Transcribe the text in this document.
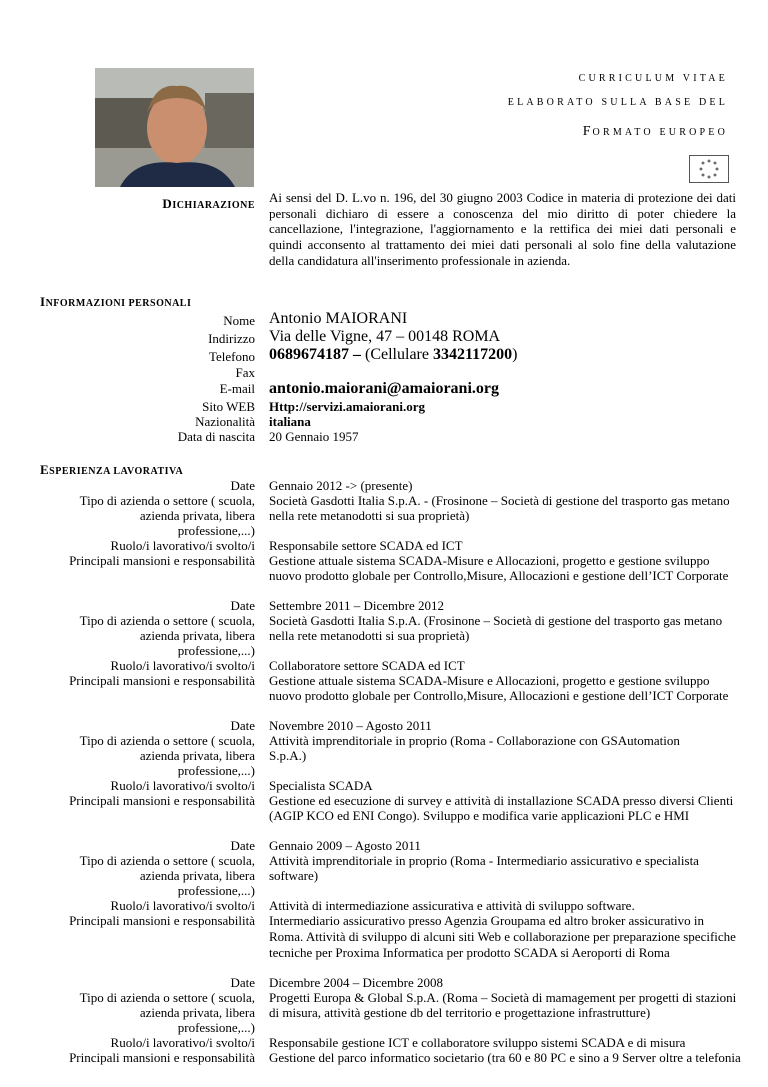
CURRICULUM VITAE
ELABORATO SULLA BASE DEL
FORMATO EUROPEO
DICHIARAZIONE
Ai sensi del D. L.vo n. 196, del 30 giugno 2003 Codice in materia di protezione dei dati personali dichiaro di essere a conoscenza del mio diritto di poter chiedere la cancellazione, l'integrazione, l'aggiornamento e la rettifica dei miei dati personali e quindi acconsento al trattamento dei miei dati personali al solo fine della valutazione della candidatura all'inserimento professionale in azienda.
INFORMAZIONI PERSONALI
Nome Antonio MAIORANI
Indirizzo Via delle Vigne, 47 – 00148 ROMA
Telefono 0689674187 – (Cellulare 3342117200)
Fax
E-mail antonio.maiorani@amaiorani.org
Sito WEB Http://servizi.amaiorani.org
Nazionalità italiana
Data di nascita 20 Gennaio 1957
ESPERIENZA LAVORATIVA
Date Gennaio 2012 -> (presente)
Tipo di azienda o settore ( scuola,
azienda privata, libera
professione,...)
Società Gasdotti Italia S.p.A. - (Frosinone – Società di gestione del trasporto gas metano
nella rete metanodotti si sua proprietà)
Ruolo/i lavorativo/i svolto/i Responsabile settore SCADA ed ICT
Principali mansioni e responsabilità Gestione attuale sistema SCADA-Misure e Allocazioni, progetto e gestione sviluppo
nuovo prodotto globale per Controllo,Misure, Allocazioni e gestione dell’ICT Corporate
Date Settembre 2011 – Dicembre 2012
Tipo di azienda o settore ( scuola,
azienda privata, libera
professione,...)
Società Gasdotti Italia S.p.A. (Frosinone – Società di gestione del trasporto gas metano
nella rete metanodotti si sua proprietà)
Ruolo/i lavorativo/i svolto/i Collaboratore settore SCADA ed ICT
Principali mansioni e responsabilità Gestione attuale sistema SCADA-Misure e Allocazioni, progetto e gestione sviluppo
nuovo prodotto globale per Controllo,Misure, Allocazioni e gestione dell’ICT Corporate
Date Novembre 2010 – Agosto 2011
Tipo di azienda o settore ( scuola,
azienda privata, libera
professione,...)
Attività imprenditoriale in proprio (Roma - Collaborazione con GSAutomation
S.p.A.)
Ruolo/i lavorativo/i svolto/i Specialista SCADA
Principali mansioni e responsabilità Gestione ed esecuzione di survey e attività di installazione SCADA presso diversi Clienti
(AGIP KCO ed ENI Congo). Sviluppo e modifica varie applicazioni PLC e HMI
Date Gennaio 2009 – Agosto 2011
Tipo di azienda o settore ( scuola,
azienda privata, libera
professione,...)
Attività imprenditoriale in proprio (Roma - Intermediario assicurativo e specialista
software)
Ruolo/i lavorativo/i svolto/i Attività di intermediazione assicurativa e attività di sviluppo software.
Principali mansioni e responsabilità Intermediario assicurativo presso Agenzia Groupama ed altro broker assicurativo in
Roma. Attività di sviluppo di alcuni siti Web e collaborazione per preparazione specifiche
tecniche per Proxima Informatica per prodotto SCADA si Aeroporti di Roma
Date Dicembre 2004 – Dicembre 2008
Tipo di azienda o settore ( scuola,
azienda privata, libera
professione,...)
Progetti Europa & Global S.p.A. (Roma – Società di mamagement per progetti di stazioni
di misura, attività gestione db del territorio e progettazione infrastrutture)
Ruolo/i lavorativo/i svolto/i Responsabile gestione ICT e collaboratore sviluppo sistemi SCADA e di misura
Principali mansioni e responsabilità Gestione del parco informatico societario (tra 60 e 80 PC e sino a 9 Server oltre a telefonia
